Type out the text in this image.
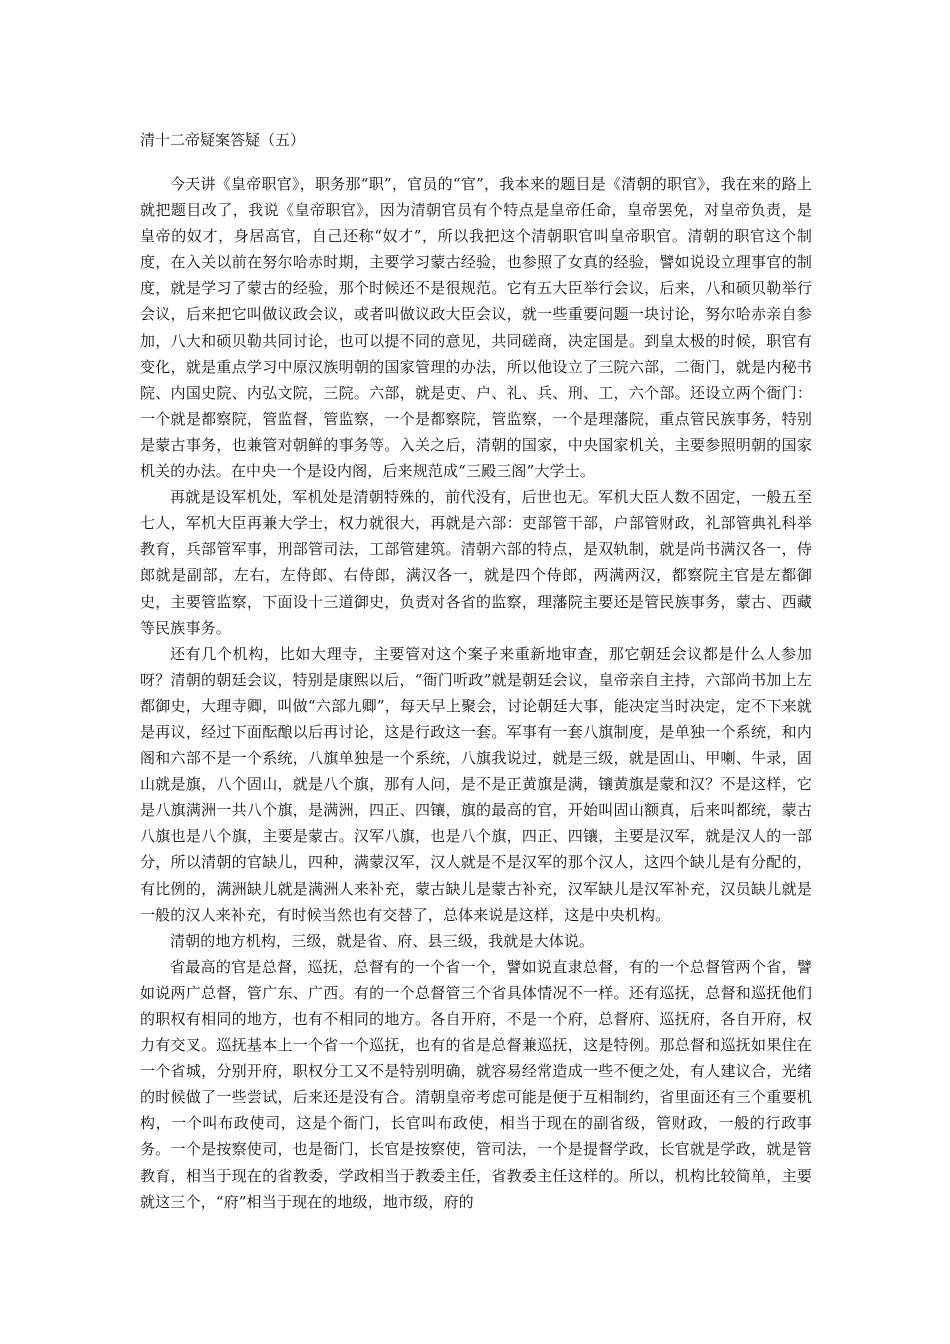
清十二帝疑案答疑（五）

今天讲《皇帝职官》，职务那“职”，官员的“官”，我本来的题目是《清朝的职官》，我在来的路上就把题目改了，我说《皇帝职官》，因为清朝官员有个特点是皇帝任命，皇帝罢免，对皇帝负责，是皇帝的奴才，身居高官，自己还称“奴才”，所以我把这个清朝职官叫皇帝职官。清朝的职官这个制度，在入关以前在努尔哈赤时期，主要学习蒙古经验，也参照了女真的经验，譬如说设立理事官的制度，就是学习了蒙古的经验，那个时候还不是很规范。它有五大臣举行会议，后来，八和硕贝勒举行会议，后来把它叫做议政会议，或者叫做议政大臣会议，就一些重要问题一块讨论，努尔哈赤亲自参加，八大和硕贝勒共同讨论，也可以提不同的意见，共同磋商，决定国是。到皇太极的时候，职官有变化，就是重点学习中原汉族明朝的国家管理的办法，所以他设立了三院六部，二衙门，就是内秘书院、内国史院、内弘文院，三院。六部，就是吏、户、礼、兵、刑、工，六个部。还设立两个衙门：一个就是都察院，管监督，管监察，一个是都察院，管监察，一个是理藩院，重点管民族事务，特别是蒙古事务，也兼管对朝鲜的事务等。入关之后，清朝的国家，中央国家机关，主要参照明朝的国家机关的办法。在中央一个是设内阁，后来规范成“三殿三阁”大学士。

再就是设军机处，军机处是清朝特殊的，前代没有，后世也无。军机大臣人数不固定，一般五至七人，军机大臣再兼大学士，权力就很大，再就是六部：吏部管干部，户部管财政，礼部管典礼科举教育，兵部管军事，刑部管司法，工部管建筑。清朝六部的特点，是双轨制，就是尚书满汉各一，侍郎就是副部，左右，左侍郎、右侍郎，满汉各一，就是四个侍郎，两满两汉，都察院主官是左都御史，主要管监察，下面设十三道御史，负责对各省的监察，理藩院主要还是管民族事务，蒙古、西藏等民族事务。

还有几个机构，比如大理寺，主要管对这个案子来重新地审查，那它朝廷会议都是什么人参加呀？清朝的朝廷会议，特别是康熙以后，“衙门听政”就是朝廷会议，皇帝亲自主持，六部尚书加上左都御史，大理寺卿，叫做“六部九卿”，每天早上聚会，讨论朝廷大事，能决定当时决定，定不下来就是再议，经过下面酝酿以后再讨论，这是行政这一套。军事有一套八旗制度，是单独一个系统，和内阁和六部不是一个系统，八旗单独是一个系统，八旗我说过，就是三级，就是固山、甲喇、牛录，固山就是旗，八个固山，就是八个旗，那有人问，是不是正黄旗是满，镶黄旗是蒙和汉？不是这样，它是八旗满洲一共八个旗，是满洲，四正、四镶，旗的最高的官，开始叫固山额真，后来叫都统，蒙古八旗也是八个旗，主要是蒙古。汉军八旗，也是八个旗，四正、四镶，主要是汉军，就是汉人的一部分，所以清朝的官缺儿，四种，满蒙汉军，汉人就是不是汉军的那个汉人，这四个缺儿是有分配的，有比例的，满洲缺儿就是满洲人来补充，蒙古缺儿是蒙古补充，汉军缺儿是汉军补充，汉员缺儿就是一般的汉人来补充，有时候当然也有交替了，总体来说是这样，这是中央机构。

清朝的地方机构，三级，就是省、府、县三级，我就是大体说。

省最高的官是总督，巡抚，总督有的一个省一个，譬如说直隶总督，有的一个总督管两个省，譬如说两广总督，管广东、广西。有的一个总督管三个省具体情况不一样。还有巡抚，总督和巡抚他们的职权有相同的地方，也有不相同的地方。各自开府，不是一个府，总督府、巡抚府，各自开府，权力有交叉。巡抚基本上一个省一个巡抚，也有的省是总督兼巡抚，这是特例。那总督和巡抚如果住在一个省城，分别开府，职权分工又不是特别明确，就容易经常造成一些不便之处，有人建议合，光绪的时候做了一些尝试，后来还是没有合。清朝皇帝考虑可能是便于互相制约，省里面还有三个重要机构，一个叫布政使司，这是个衙门，长官叫布政使，相当于现在的副省级，管财政，一般的行政事务。一个是按察使司，也是衙门，长官是按察使，管司法，一个是提督学政，长官就是学政，就是管教育，相当于现在的省教委，学政相当于教委主任，省教委主任这样的。所以，机构比较简单，主要就这三个，“府”相当于现在的地级，地市级，府的
